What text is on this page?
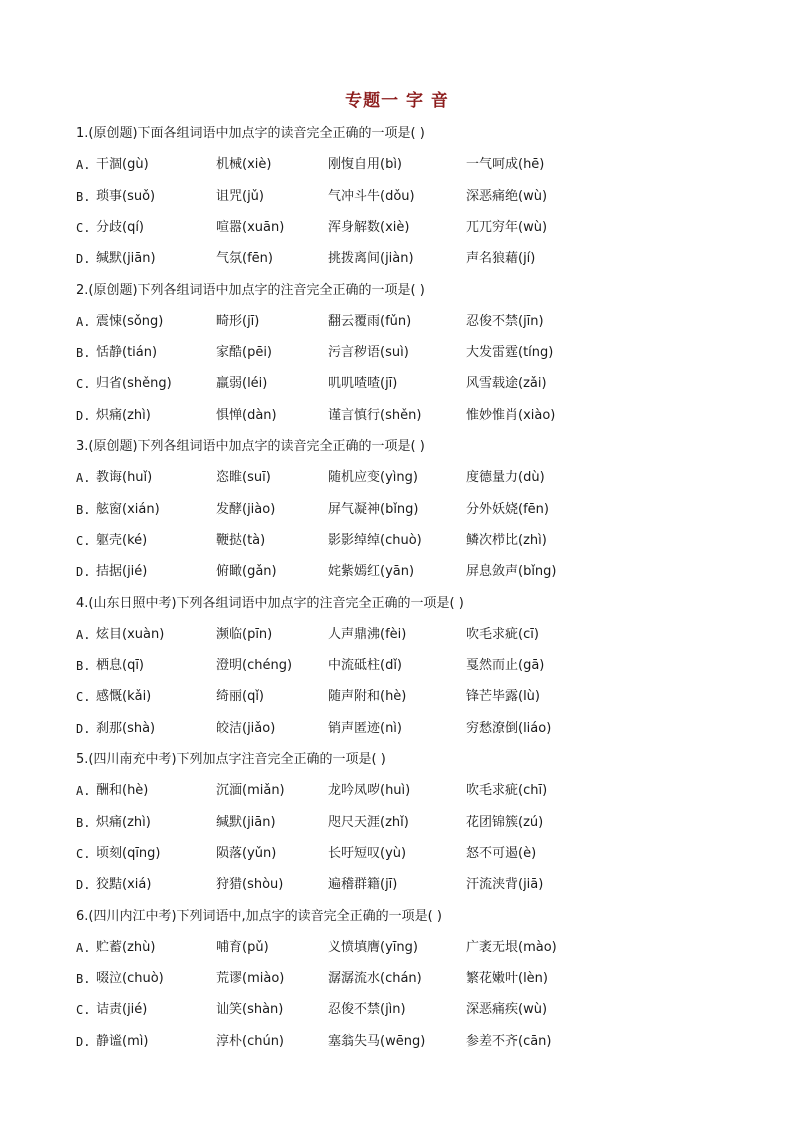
专题一 字 音
1.(原创题)下面各组词语中加点字的读音完全正确的一项是( )
A. 干涸(gù)	机械(xiè)	刚愎自用(bì)	一气呵成(hē)
B. 琐事(suǒ)	诅咒(jǔ)	气冲斗牛(dǒu)	深恶痛绝(wù)
C. 分歧(qí)	喧嚣(xuān)	浑身解数(xiè)	兀兀穷年(wù)
D. 缄默(jiān)	气氛(fēn)	挑拨离间(jiàn)	声名狼藉(jí)
2.(原创题)下列各组词语中加点字的注音完全正确的一项是( )
A. 震悚(sǒng)	畸形(jī)	翻云覆雨(fǔn)	忍俊不禁(jīn)
B. 恬静(tián)	家酷(pēi)	污言秽语(suì)	大发雷霆(tíng)
C. 归省(shěng)	羸弱(léi)	叽叽喳喳(jī)	风雪载途(zǎi)
D. 炽痛(zhì)	惧惮(dàn)	谨言慎行(shěn)	惟妙惟肖(xiào)
3.(原创题)下列各组词语中加点字的读音完全正确的一项是( )
A. 教诲(huǐ)	恣睢(suī)	随机应变(yìng)	度德量力(dù)
B. 舷窗(xián)	发酵(jiào)	屏气凝神(bǐng)	分外妖娆(fēn)
C. 躯壳(ké)	鞭挞(tà)	影影绰绰(chuò)	鳞次栉比(zhì)
D. 拮据(jié)	俯瞰(gǎn)	姹紫嫣红(yān)	屏息敛声(bǐng)
4.(山东日照中考)下列各组词语中加点字的注音完全正确的一项是( )
A. 炫目(xuàn)	濒临(pīn)	人声鼎沸(fèi)	吹毛求疵(cī)
B. 栖息(qī)	澄明(chéng)	中流砥柱(dǐ)	戛然而止(gā)
C. 感慨(kǎi)	绮丽(qǐ)	随声附和(hè)	锋芒毕露(lù)
D. 刹那(shà)	皎洁(jiǎo)	销声匿迹(nì)	穷愁潦倒(liáo)
5.(四川南充中考)下列加点字注音完全正确的一项是( )
A. 酬和(hè)	沉湎(miǎn)	龙吟凤哕(huì)	吹毛求疵(chī)
B. 炽痛(zhì)	缄默(jiān)	咫尺天涯(zhǐ)	花团锦簇(zú)
C. 顷刻(qīng)	陨落(yǔn)	长吁短叹(yù)	怒不可遏(è)
D. 狡黠(xiá)	狩猎(shòu)	遍稽群籍(jī)	汗流浃背(jiā)
6.(四川内江中考)下列词语中,加点字的读音完全正确的一项是( )
A. 贮蓄(zhù)	哺育(pǔ)	义愤填膺(yīng)	广袤无垠(mào)
B. 啜泣(chuò)	荒谬(miào)	潺潺流水(chán)	繁花嫩叶(lèn)
C. 诘责(jié)	讪笑(shàn)	忍俊不禁(jìn)	深恶痛疾(wù)
D. 静谧(mì)	淳朴(chún)	塞翁失马(wēng)	参差不齐(cān)
